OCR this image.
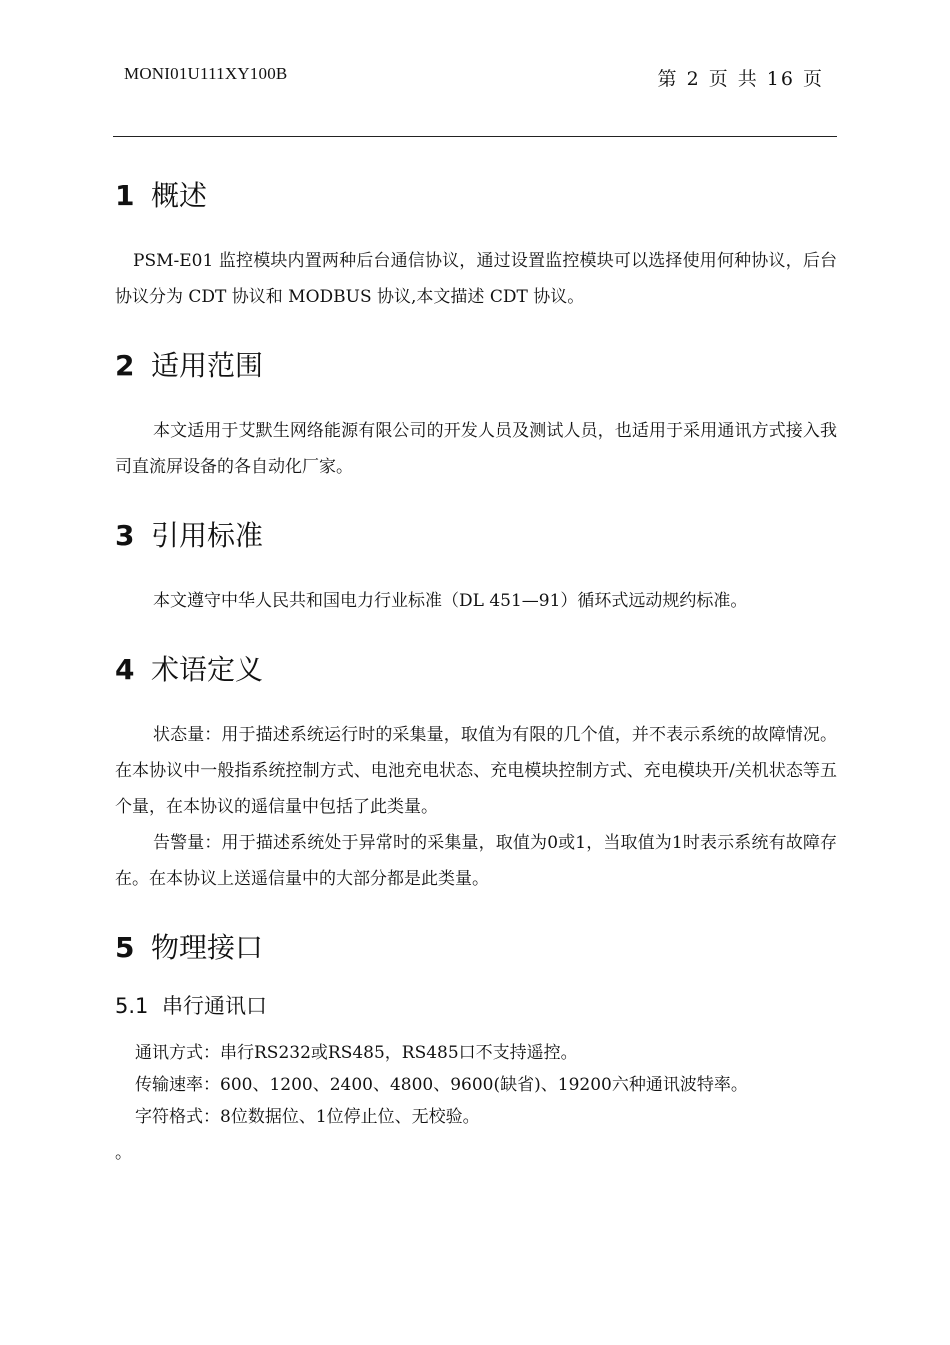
MONI01U111XY100B	第 2 页 共 16 页
1 概述

PSM-E01 监控模块内置两种后台通信协议，通过设置监控模块可以选择使用何种协议，后台协议分为 CDT 协议和 MODBUS 协议,本文描述 CDT 协议。

2 适用范围

本文适用于艾默生网络能源有限公司的开发人员及测试人员，也适用于采用通讯方式接入我司直流屏设备的各自动化厂家。

3 引用标准

本文遵守中华人民共和国电力行业标准（DL 451—91）循环式远动规约标准。

4 术语定义

状态量：用于描述系统运行时的采集量，取值为有限的几个值，并不表示系统的故障情况。在本协议中一般指系统控制方式、电池充电状态、充电模块控制方式、充电模块开/关机状态等五个量，在本协议的遥信量中包括了此类量。

告警量：用于描述系统处于异常时的采集量，取值为0或1，当取值为1时表示系统有故障存在。在本协议上送遥信量中的大部分都是此类量。

5 物理接口
5.1 串行通讯口

通讯方式：串行RS232或RS485，RS485口不支持遥控。

传输速率：600、1200、2400、4800、9600(缺省)、19200六种通讯波特率。

字符格式：8位数据位、1位停止位、无校验。

。
